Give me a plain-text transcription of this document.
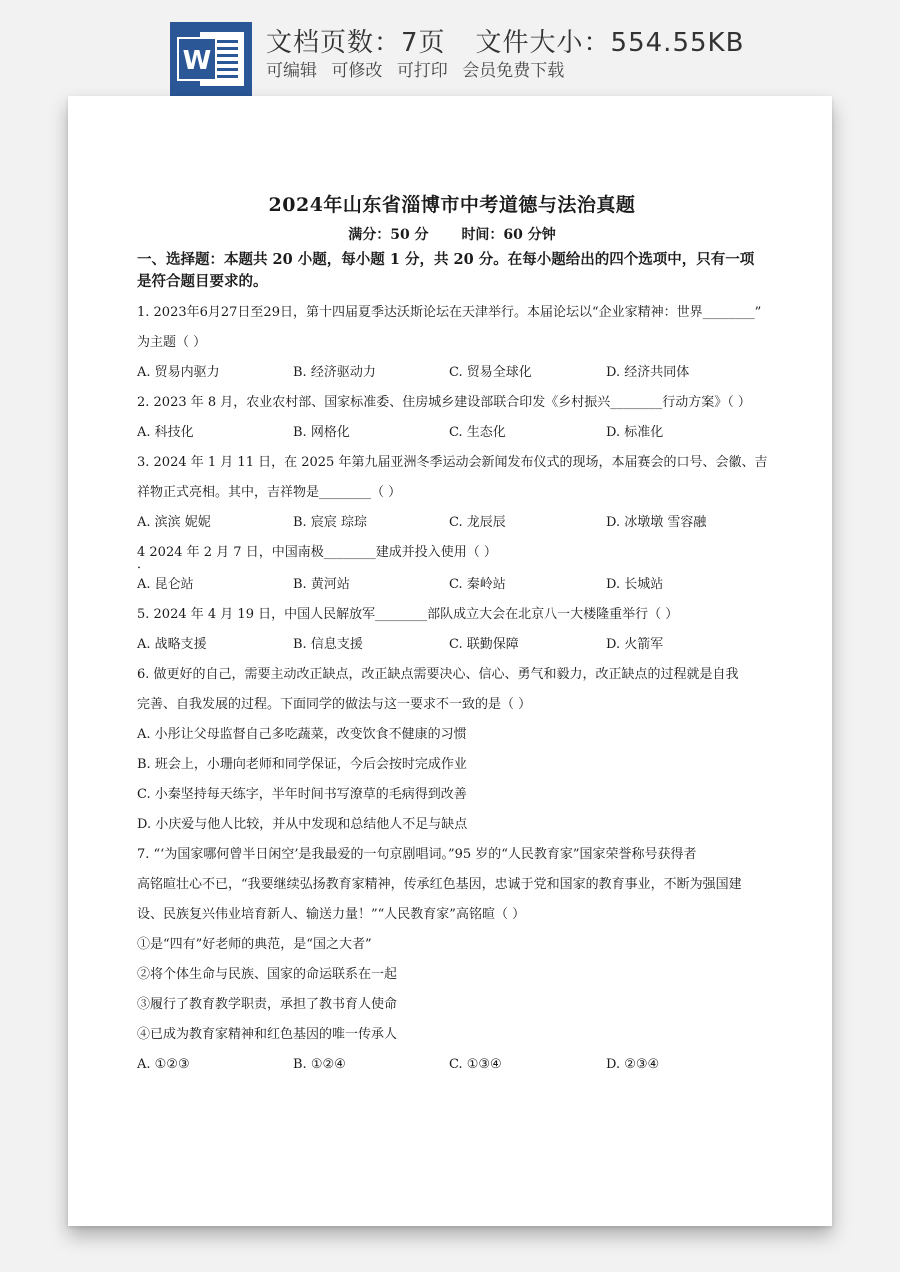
W
文档页数：7页 文件大小：554.55KB
可编辑 可修改 可打印 会员免费下载
2024年山东省淄博市中考道德与法治真题
满分：50 分 时间：60 分钟
一、选择题：本题共 20 小题，每小题 1 分，共 20 分。在每小题给出的四个选项中，只有一项
是符合题目要求的。
1. 2023年6月27日至29日，第十四届夏季达沃斯论坛在天津举行。本届论坛以“企业家精神：世界________”
为主题（ ）
A. 贸易内驱力	B. 经济驱动力	C. 贸易全球化	D. 经济共同体
2. 2023 年 8 月，农业农村部、国家标准委、住房城乡建设部联合印发《乡村振兴________行动方案》（ ）
A. 科技化	B. 网格化	C. 生态化	D. 标准化
3. 2024 年 1 月 11 日，在 2025 年第九届亚洲冬季运动会新闻发布仪式的现场，本届赛会的口号、会徽、吉
祥物正式亮相。其中，吉祥物是________（ ）
A. 滨滨 妮妮	B. 宸宸 琮琮	C. 龙辰辰	D. 冰墩墩 雪容融
4 2024 年 2 月 7 日，中国南极________建成并投入使用（ ）
．
A. 昆仑站	B. 黄河站	C. 秦岭站	D. 长城站
5. 2024 年 4 月 19 日，中国人民解放军________部队成立大会在北京八一大楼隆重举行（ ）
A. 战略支援	B. 信息支援	C. 联勤保障	D. 火箭军
6. 做更好的自己，需要主动改正缺点，改正缺点需要决心、信心、勇气和毅力，改正缺点的过程就是自我
完善、自我发展的过程。下面同学的做法与这一要求不一致的是（ ）
A. 小彤让父母监督自己多吃蔬菜，改变饮食不健康的习惯
B. 班会上，小珊向老师和同学保证，今后会按时完成作业
C. 小秦坚持每天练字，半年时间书写潦草的毛病得到改善
D. 小庆爱与他人比较，并从中发现和总结他人不足与缺点
7. “‘为国家哪何曾半日闲空’是我最爱的一句京剧唱词。”95 岁的“人民教育家”国家荣誉称号获得者
高铭暄壮心不已，“我要继续弘扬教育家精神，传承红色基因，忠诚于党和国家的教育事业，不断为强国建
设、民族复兴伟业培育新人、输送力量！”“人民教育家”高铭暄（ ）
①是“四有”好老师的典范，是“国之大者”
②将个体生命与民族、国家的命运联系在一起
③履行了教育教学职责，承担了教书育人使命
④已成为教育家精神和红色基因的唯一传承人
A. ①②③	B. ①②④	C. ①③④	D. ②③④
